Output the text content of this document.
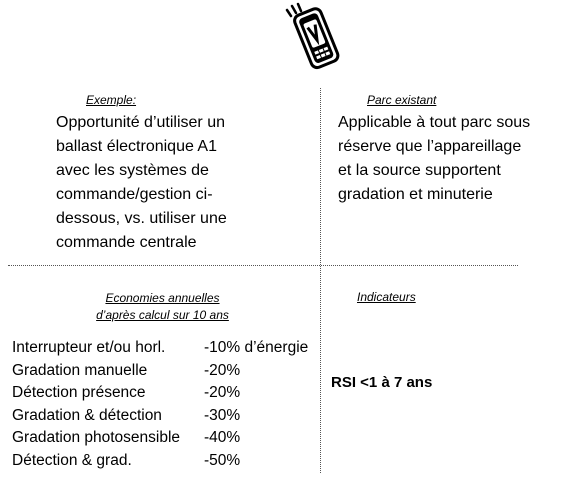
Exemple:
Opportunité d’utiliser un
ballast électronique A1
avec les systèmes de
commande/gestion ci-
dessous, vs. utiliser une
commande centrale
Parc existant
Applicable à tout parc sous
réserve que l’appareillage
et la source supportent
gradation et minuterie
Economies annuelles
d’après calcul sur 10 ans
Interrupteur et/ou horl.	-10% d’énergie
Gradation manuelle	-20%
Détection présence	-20%
Gradation & détection	-30%
Gradation photosensible	-40%
Détection & grad.	-50%
Indicateurs
RSI <1 à 7 ans
